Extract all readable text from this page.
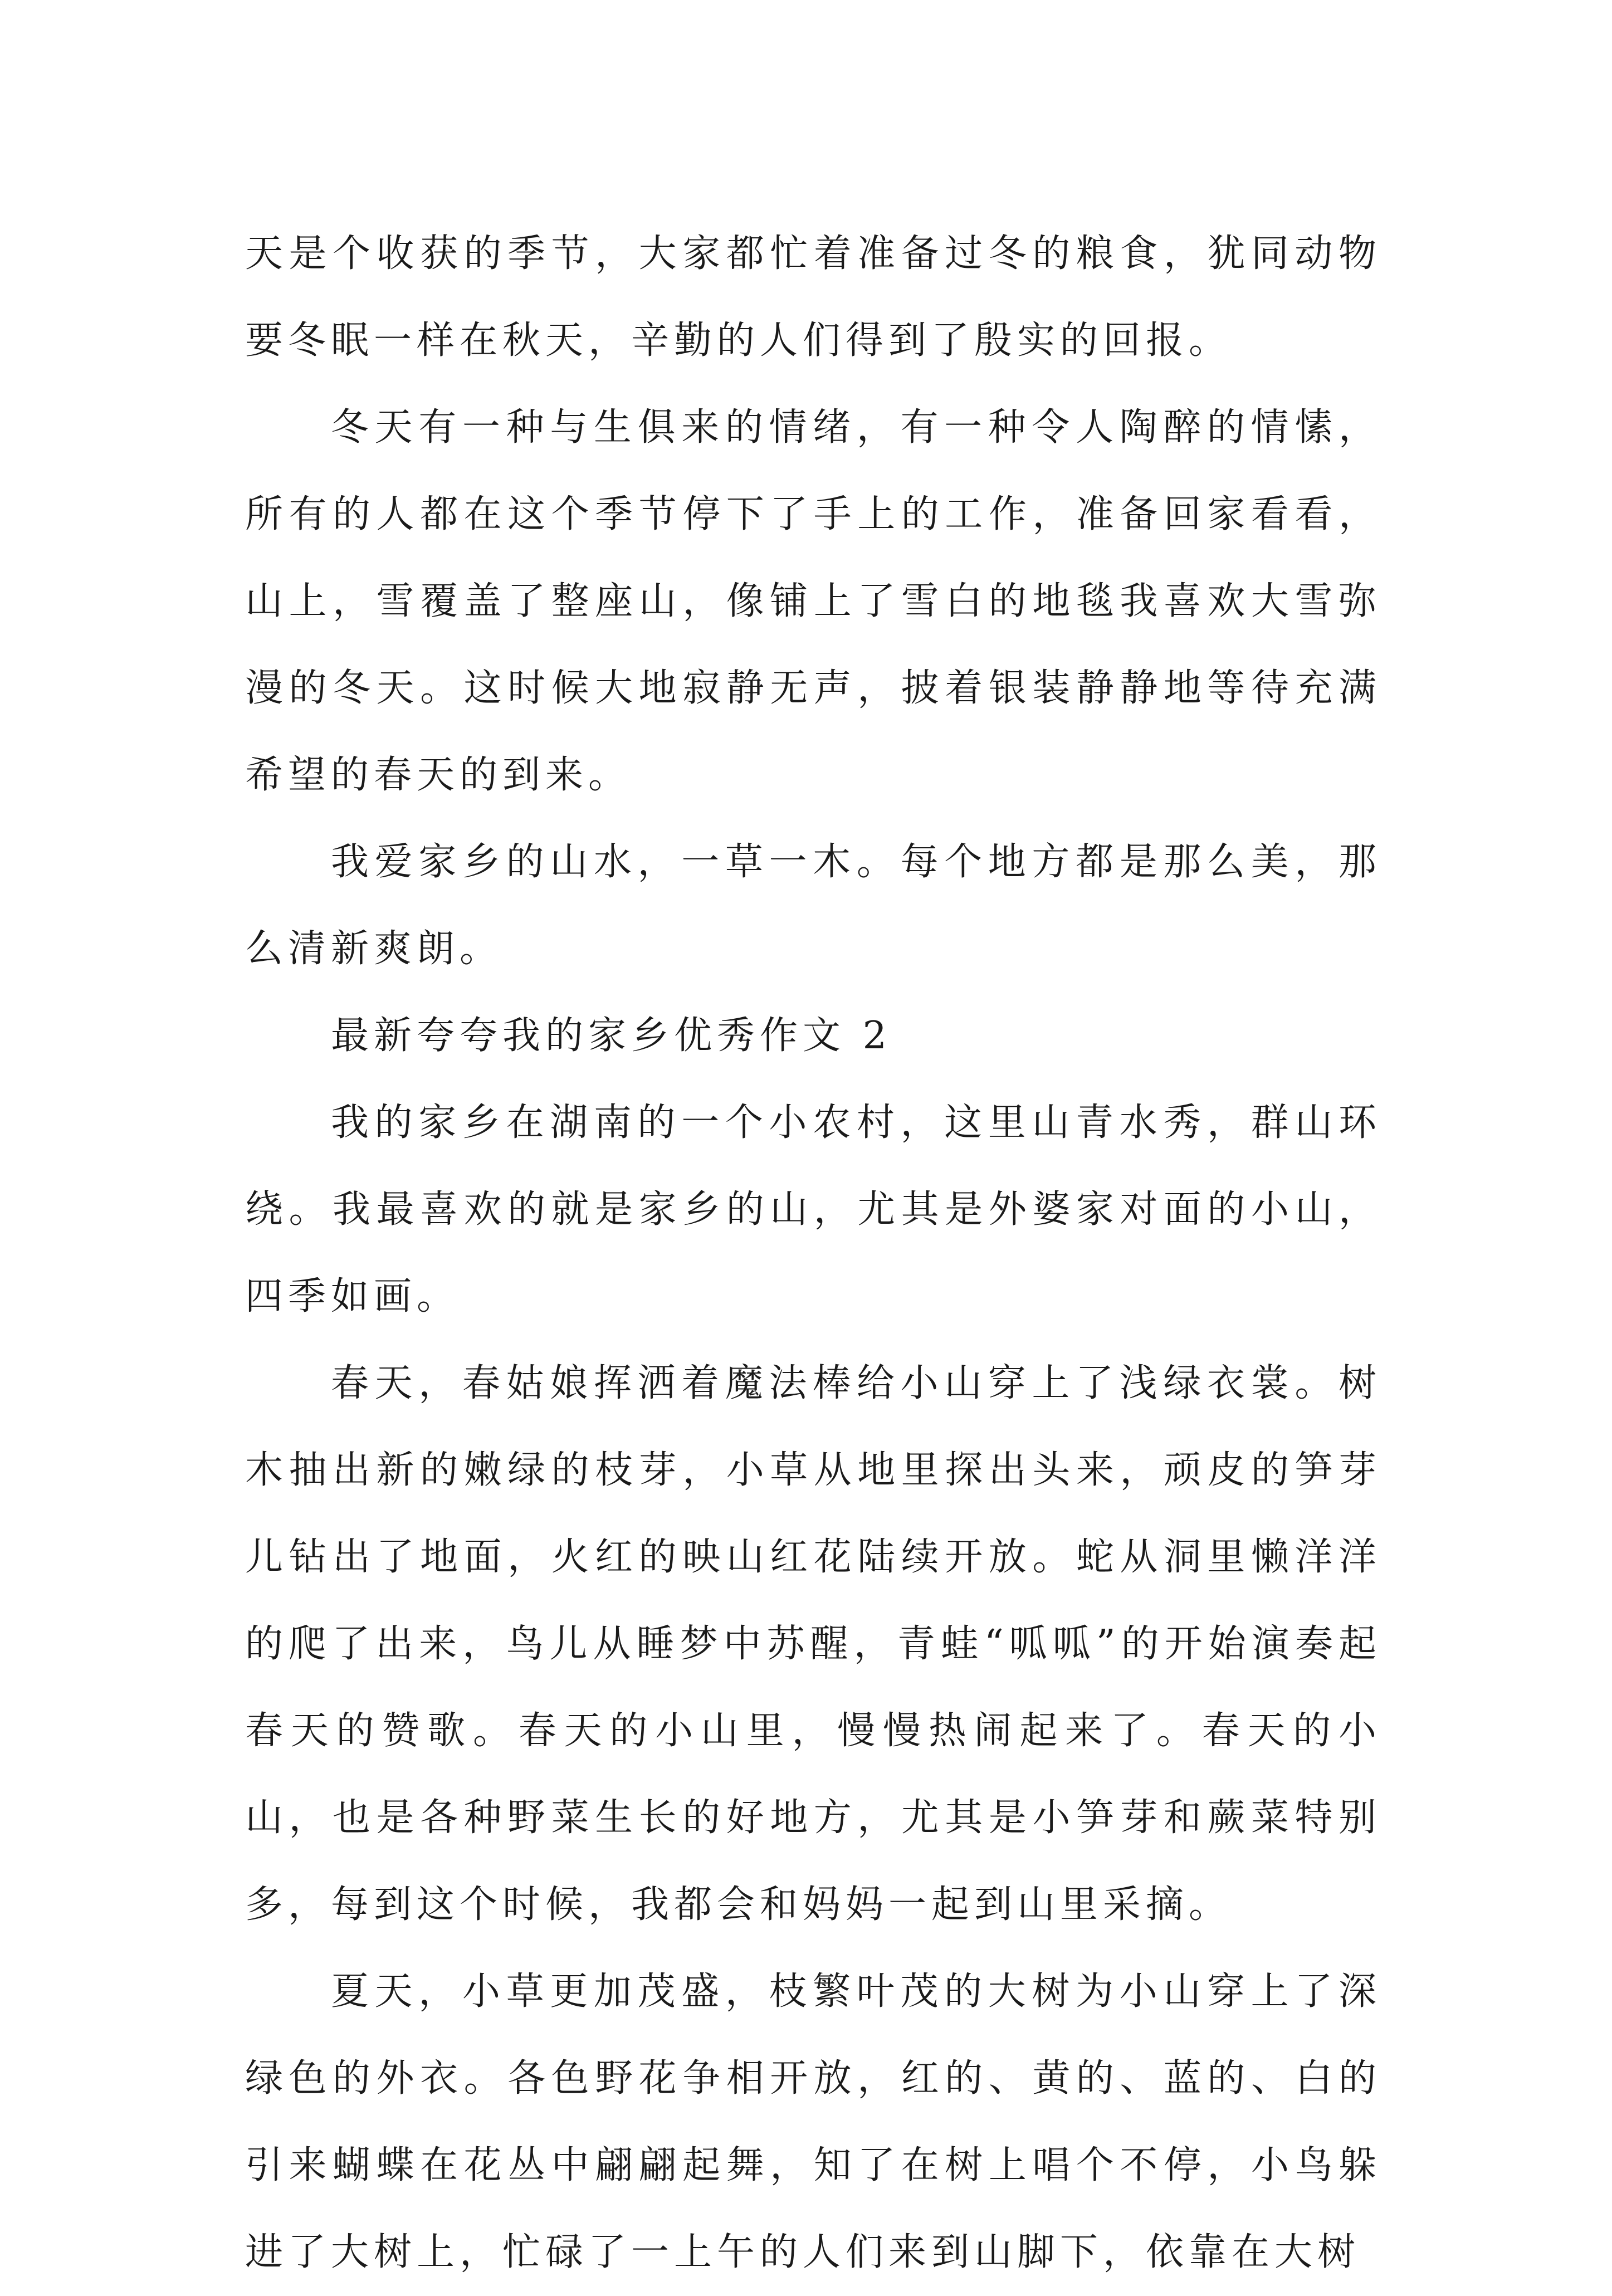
天是个收获的季节，大家都忙着准备过冬的粮食，犹同动物要冬眠一样在秋天，辛勤的人们得到了殷实的回报。

冬天有一种与生俱来的情绪，有一种令人陶醉的情愫，所有的人都在这个季节停下了手上的工作，准备回家看看，山上，雪覆盖了整座山，像铺上了雪白的地毯我喜欢大雪弥漫的冬天。这时候大地寂静无声，披着银装静静地等待充满希望的春天的到来。

我爱家乡的山水，一草一木。每个地方都是那么美，那么清新爽朗。

最新夸夸我的家乡优秀作文 2

我的家乡在湖南的一个小农村，这里山青水秀，群山环绕。我最喜欢的就是家乡的山，尤其是外婆家对面的小山，四季如画。

春天，春姑娘挥洒着魔法棒给小山穿上了浅绿衣裳。树木抽出新的嫩绿的枝芽，小草从地里探出头来，顽皮的笋芽儿钻出了地面，火红的映山红花陆续开放。蛇从洞里懒洋洋的爬了出来，鸟儿从睡梦中苏醒，青蛙“呱呱”的开始演奏起春天的赞歌。春天的小山里，慢慢热闹起来了。春天的小山，也是各种野菜生长的好地方，尤其是小笋芽和蕨菜特别多，每到这个时候，我都会和妈妈一起到山里采摘。

夏天，小草更加茂盛，枝繁叶茂的大树为小山穿上了深绿色的外衣。各色野花争相开放，红的、黄的、蓝的、白的引来蝴蝶在花丛中翩翩起舞，知了在树上唱个不停，小鸟躲进了大树上，忙碌了一上午的人们来到山脚下，依靠在大树
